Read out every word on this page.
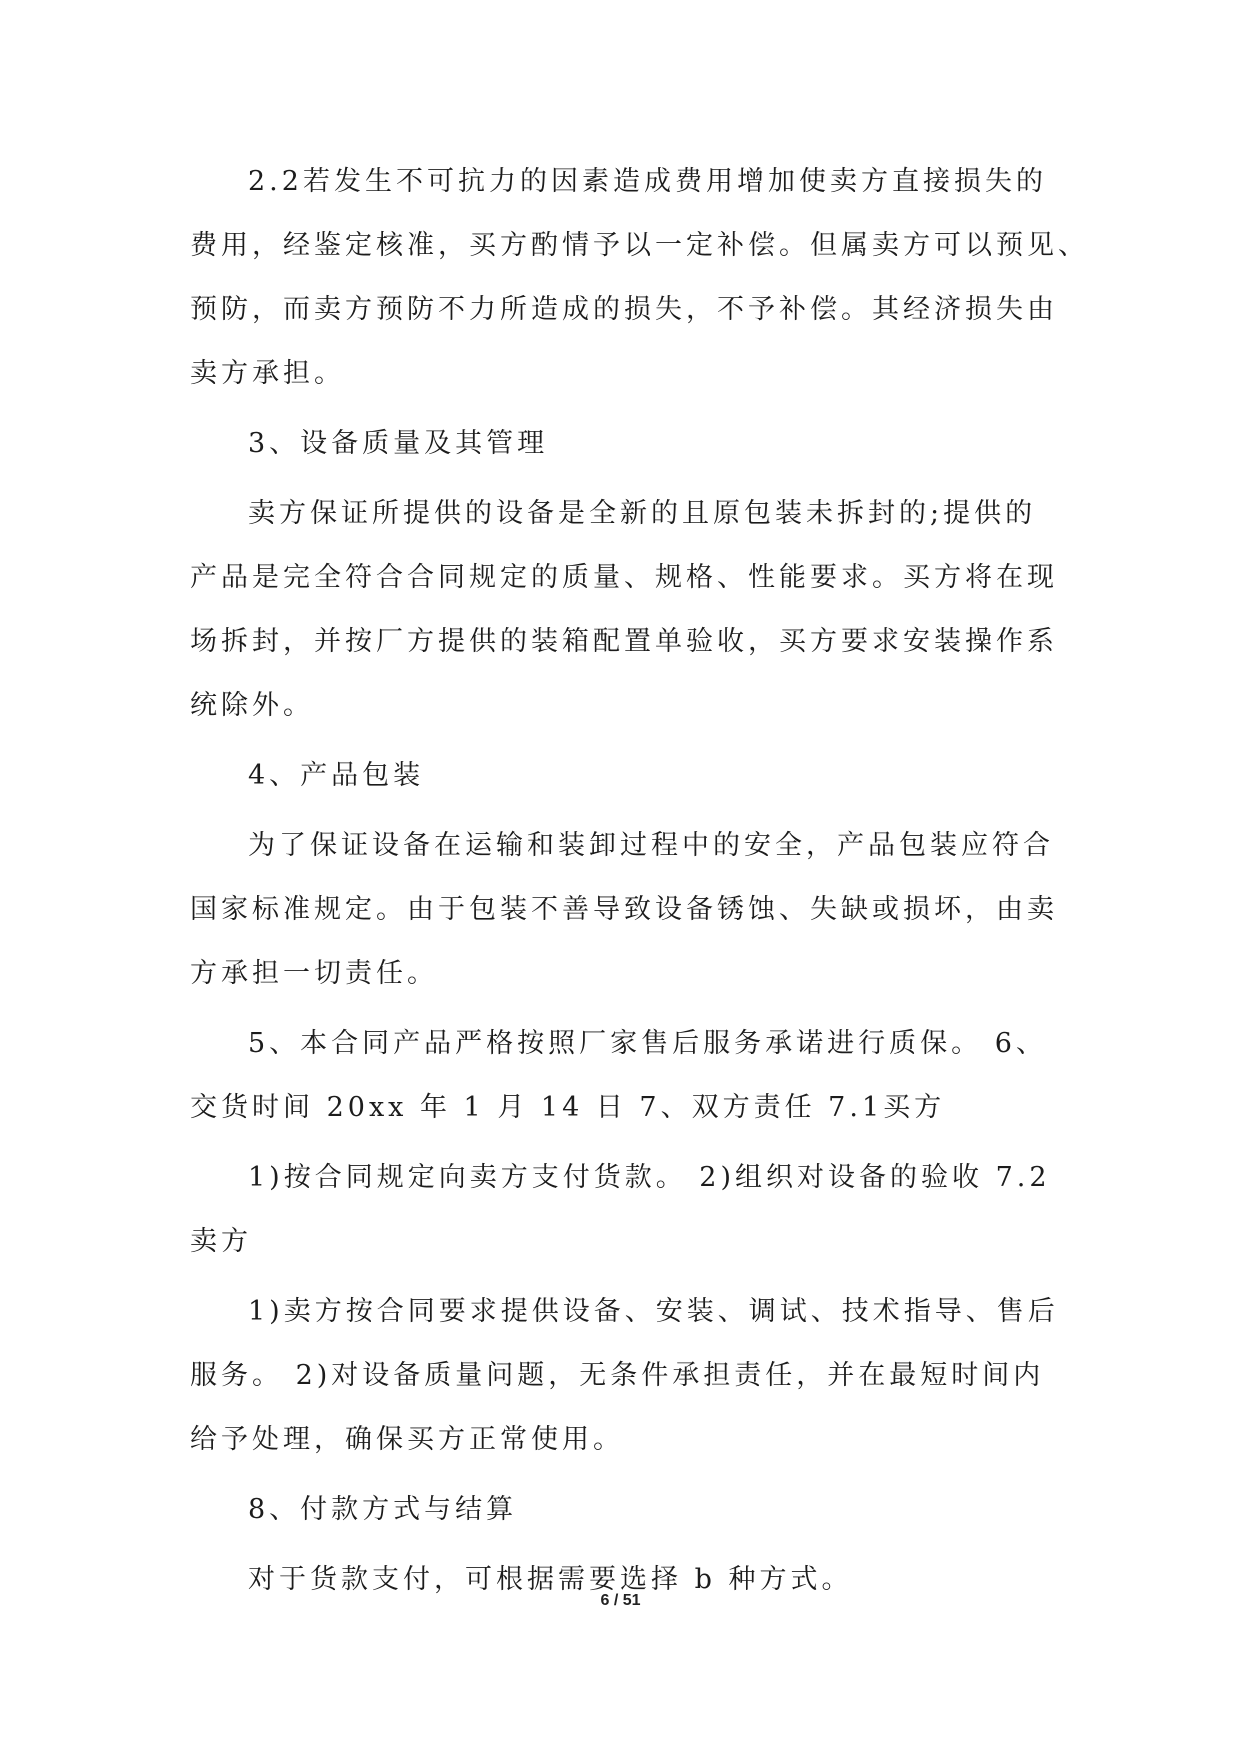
2.2若发生不可抗力的因素造成费用增加使卖方直接损失的
费用，经鉴定核准，买方酌情予以一定补偿。但属卖方可以预见、
预防，而卖方预防不力所造成的损失，不予补偿。其经济损失由
卖方承担。
3、设备质量及其管理
卖方保证所提供的设备是全新的且原包装未拆封的;提供的
产品是完全符合合同规定的质量、规格、性能要求。买方将在现
场拆封，并按厂方提供的装箱配置单验收，买方要求安装操作系
统除外。
4、产品包装
为了保证设备在运输和装卸过程中的安全，产品包装应符合
国家标准规定。由于包装不善导致设备锈蚀、失缺或损坏，由卖
方承担一切责任。
5、本合同产品严格按照厂家售后服务承诺进行质保。 6、
交货时间 20xx 年 1 月 14 日 7、双方责任 7.1买方
1)按合同规定向卖方支付货款。 2)组织对设备的验收 7.2
卖方
1)卖方按合同要求提供设备、安装、调试、技术指导、售后
服务。 2)对设备质量问题，无条件承担责任，并在最短时间内
给予处理，确保买方正常使用。
8、付款方式与结算
对于货款支付，可根据需要选择 b 种方式。
6 / 51
